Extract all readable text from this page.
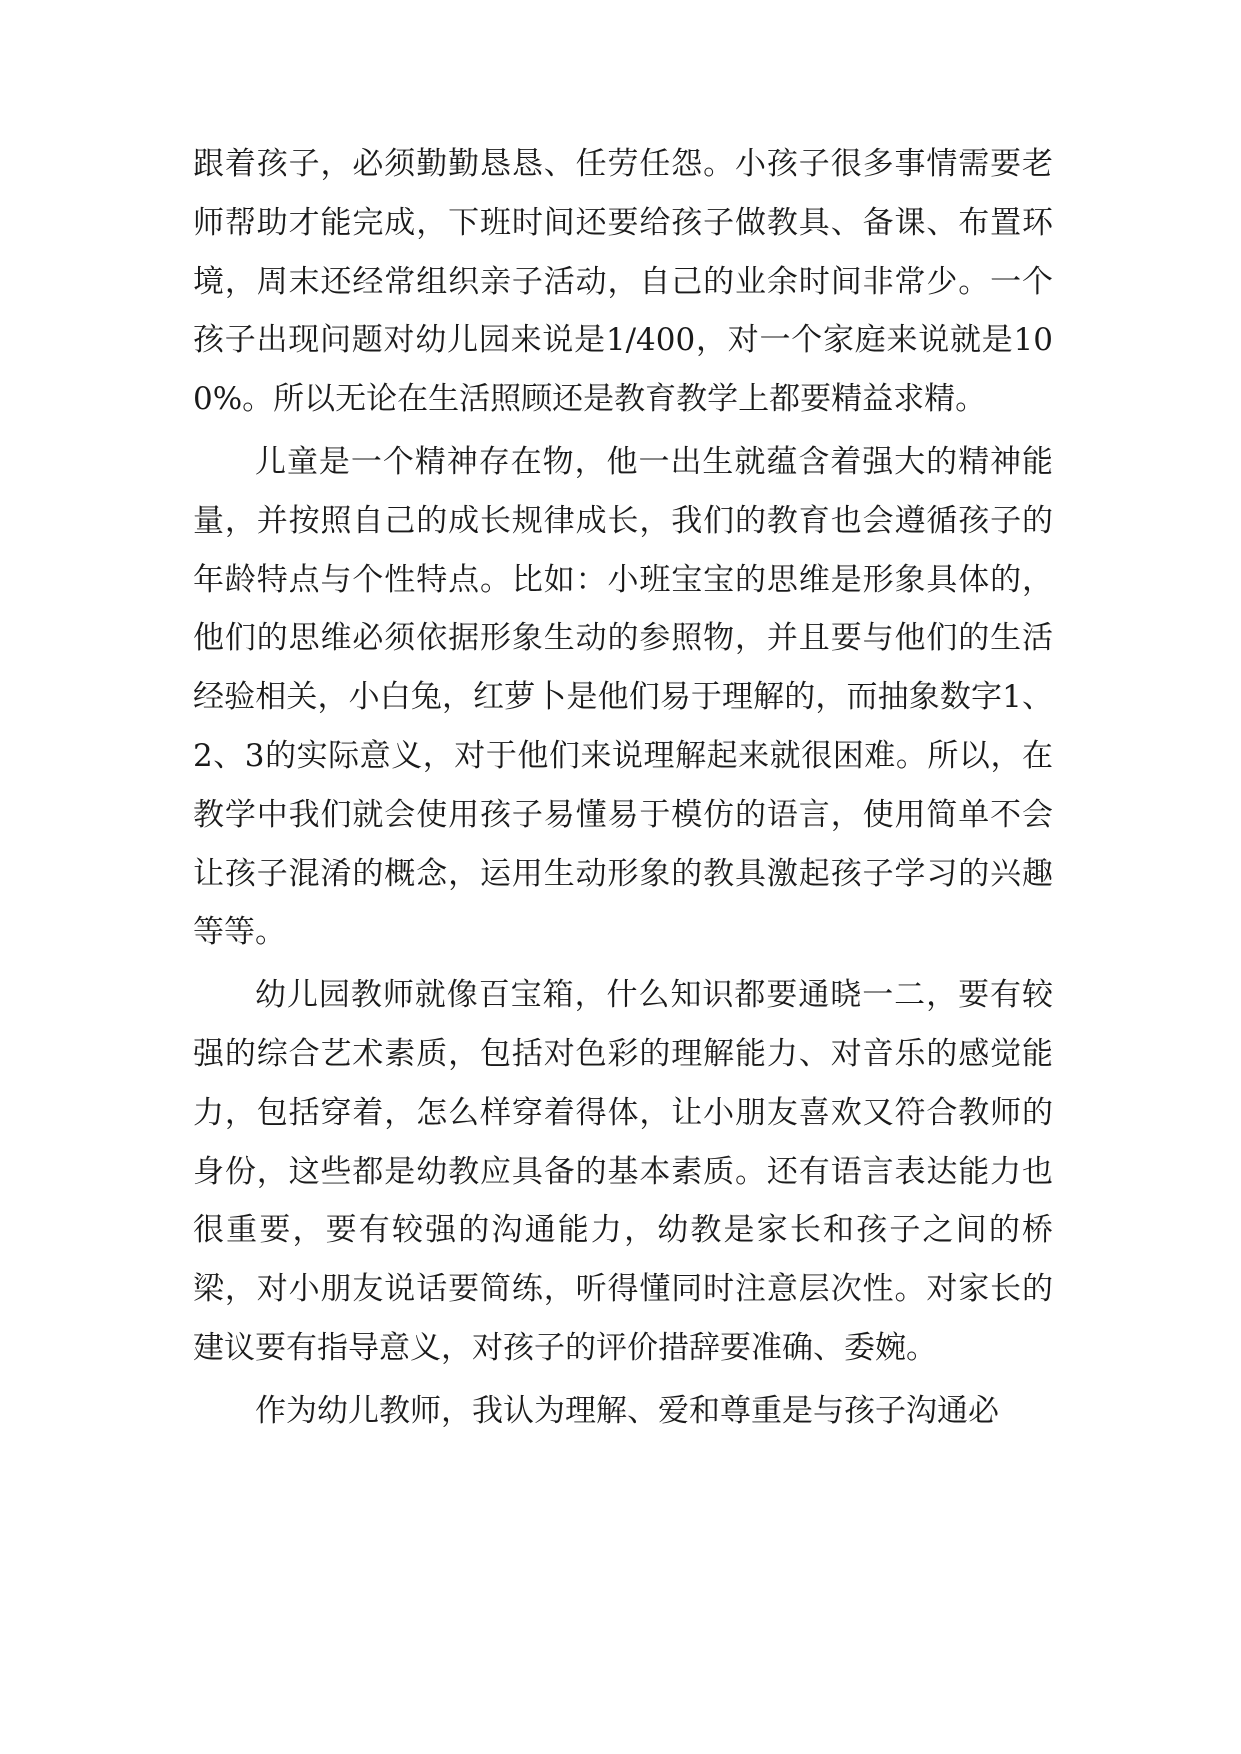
跟着孩子，必须勤勤恳恳、任劳任怨。小孩子很多事情需要老师帮助才能完成，下班时间还要给孩子做教具、备课、布置环境，周末还经常组织亲子活动，自己的业余时间非常少。一个孩子出现问题对幼儿园来说是1/400，对一个家庭来说就是100%。所以无论在生活照顾还是教育教学上都要精益求精。

儿童是一个精神存在物，他一出生就蕴含着强大的精神能量，并按照自己的成长规律成长，我们的教育也会遵循孩子的年龄特点与个性特点。比如：小班宝宝的思维是形象具体的，他们的思维必须依据形象生动的参照物，并且要与他们的生活经验相关，小白兔，红萝卜是他们易于理解的，而抽象数字1、2、3的实际意义，对于他们来说理解起来就很困难。所以，在教学中我们就会使用孩子易懂易于模仿的语言，使用简单不会让孩子混淆的概念，运用生动形象的教具激起孩子学习的兴趣等等。

幼儿园教师就像百宝箱，什么知识都要通晓一二，要有较强的综合艺术素质，包括对色彩的理解能力、对音乐的感觉能力，包括穿着，怎么样穿着得体，让小朋友喜欢又符合教师的身份，这些都是幼教应具备的基本素质。还有语言表达能力也很重要，要有较强的沟通能力，幼教是家长和孩子之间的桥梁，对小朋友说话要简练，听得懂同时注意层次性。对家长的建议要有指导意义，对孩子的评价措辞要准确、委婉。

作为幼儿教师，我认为理解、爱和尊重是与孩子沟通必
